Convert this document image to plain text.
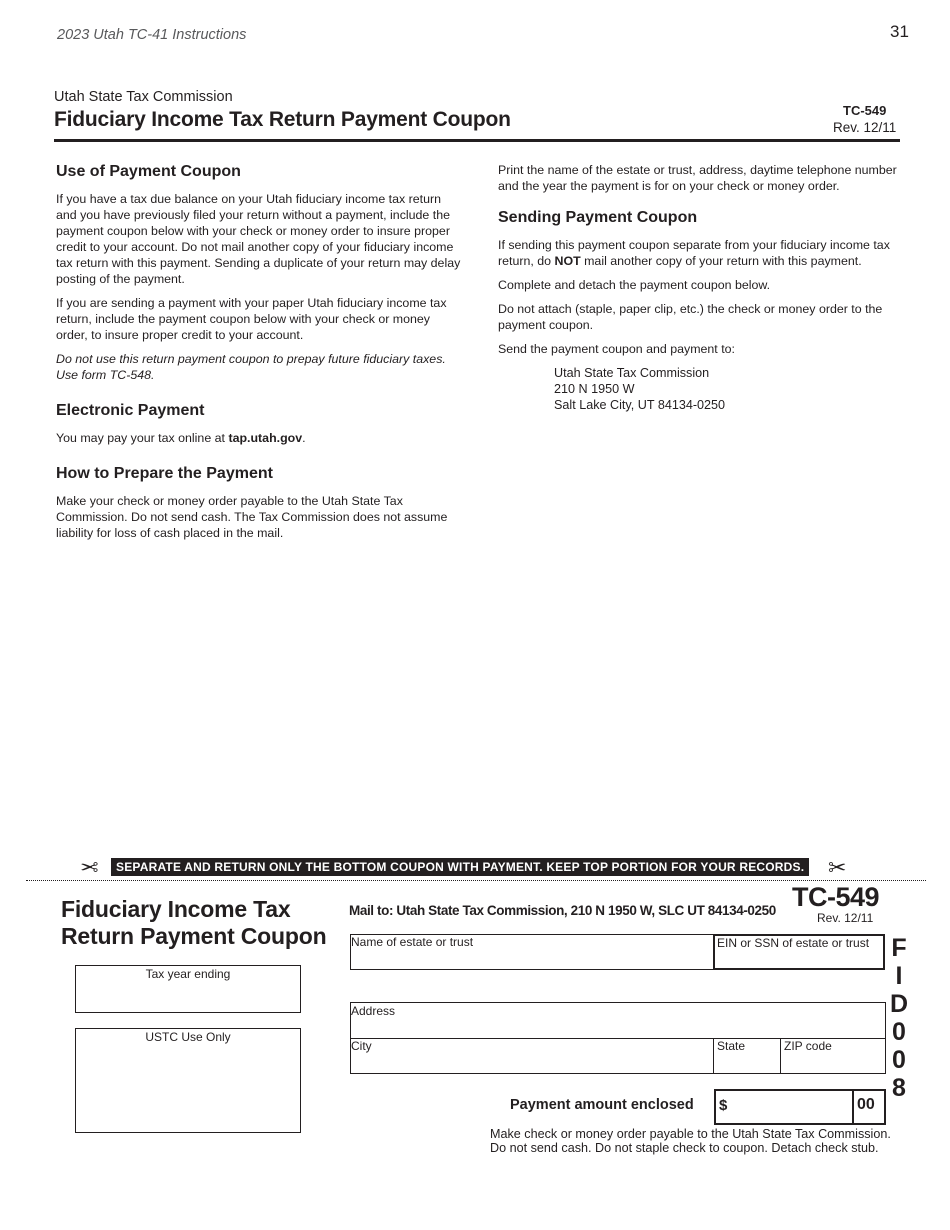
2023 Utah TC-41 Instructions	31
Utah State Tax Commission
Fiduciary Income Tax Return Payment Coupon	TC-549
Rev. 12/11
Use of Payment Coupon

If you have a tax due balance on your Utah fiduciary income tax return and you have previously filed your return without a payment, include the payment coupon below with your check or money order to insure proper credit to your account. Do not mail another copy of your fiduciary income tax return with this payment. Sending a duplicate of your return may delay posting of the payment.

If you are sending a payment with your paper Utah fiduciary income tax return, include the payment coupon below with your check or money order, to insure proper credit to your account.

Do not use this return payment coupon to prepay future fiduciary taxes. Use form TC-548.

Electronic Payment

You may pay your tax online at tap.utah.gov.

How to Prepare the Payment

Make your check or money order payable to the Utah State Tax Commission. Do not send cash. The Tax Commission does not assume liability for loss of cash placed in the mail.

Print the name of the estate or trust, address, daytime telephone number and the year the payment is for on your check or money order.

Sending Payment Coupon

If sending this payment coupon separate from your fiduciary income tax return, do NOT mail another copy of your return with this payment.

Complete and detach the payment coupon below.

Do not attach (staple, paper clip, etc.) the check or money order to the payment coupon.

Send the payment coupon and payment to:

Utah State Tax Commission
210 N 1950 W
Salt Lake City, UT 84134-0250
✂	✂
SEPARATE AND RETURN ONLY THE BOTTOM COUPON WITH PAYMENT. KEEP TOP PORTION FOR YOUR RECORDS.
Fiduciary Income Tax
Return Payment Coupon
Mail to: Utah State Tax Commission, 210 N 1950 W, SLC UT 84134-0250 TC-549
Rev. 12/11
Tax year ending
USTC Use Only
Name of estate or trust	EIN or SSN of estate or trust
Address
City	State	ZIP code
F
I
D
0
0
8
Payment amount enclosed $	00
Make check or money order payable to the Utah State Tax Commission.
Do not send cash. Do not staple check to coupon. Detach check stub.
